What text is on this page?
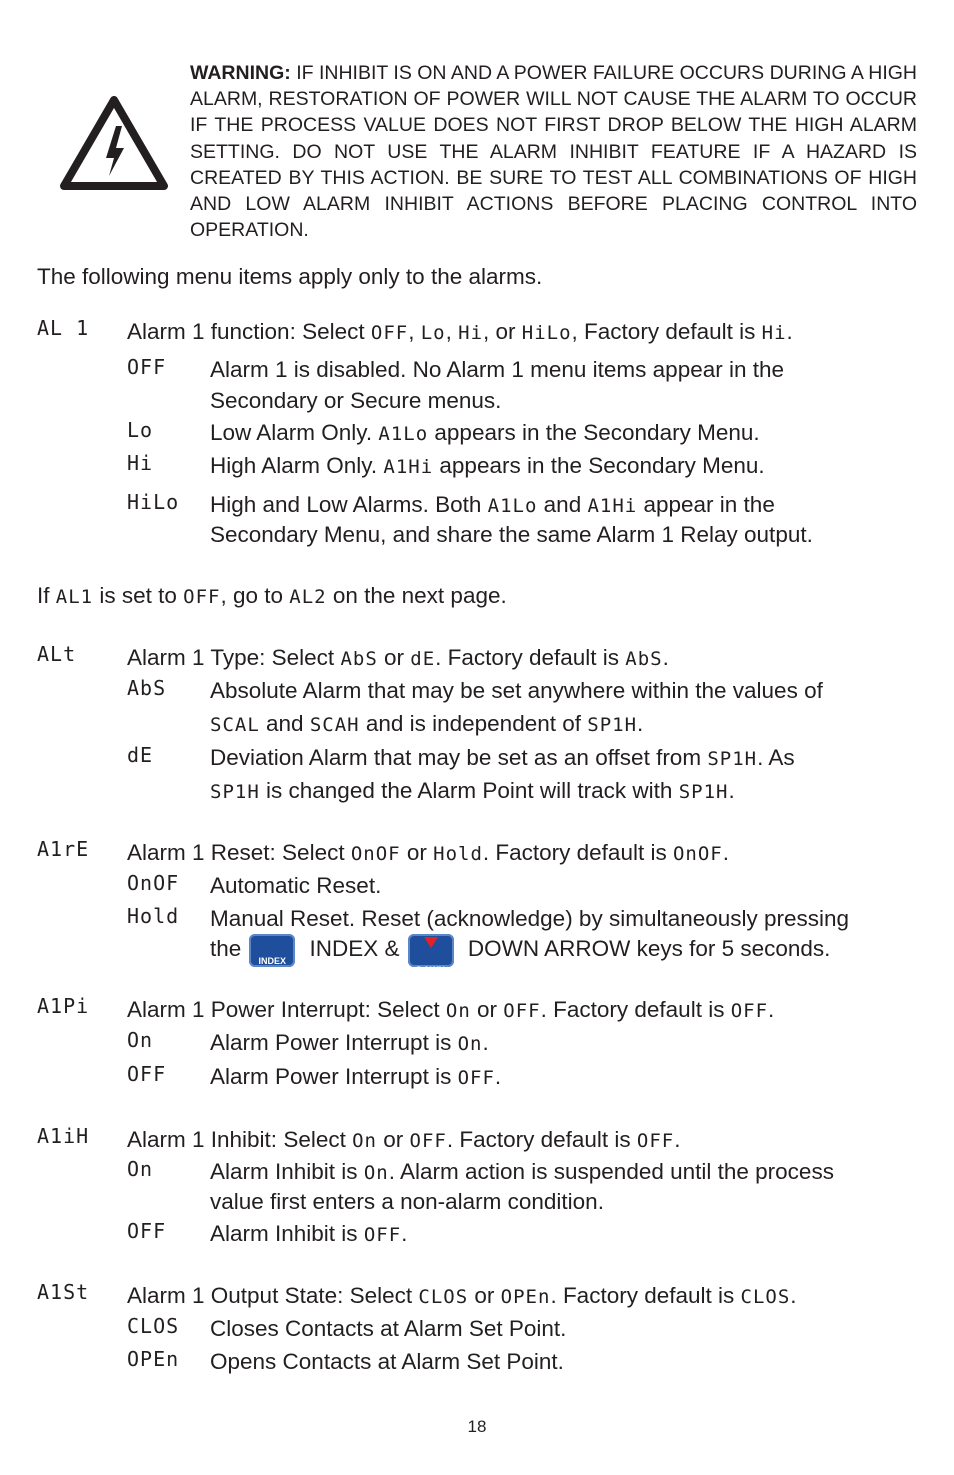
WARNING: IF INHIBIT IS ON AND A POWER FAILURE OCCURS DURING A HIGH ALARM, RESTORATION OF POWER WILL NOT CAUSE THE ALARM TO OCCUR IF THE PROCESS VALUE DOES NOT FIRST DROP BELOW THE HIGH ALARM SETTING. DO NOT USE THE ALARM INHIBIT FEATURE IF A HAZARD IS CREATED BY THIS ACTION. BE SURE TO TEST ALL COMBINATIONS OF HIGH AND LOW ALARM INHIBIT ACTIONS BEFORE PLACING CONTROL INTO OPERATION.
The following menu items apply only to the alarms.
AL 1 Alarm 1 function: Select OFF, Lo, Hi, or HiLo, Factory default is Hi.
OFF Alarm 1 is disabled. No Alarm 1 menu items appear in the
Secondary or Secure menus.
Lo	Low Alarm Only. A1Lo appears in the Secondary Menu.
Hi	High Alarm Only. A1Hi appears in the Secondary Menu.
HiLo High and Low Alarms. Both A1Lo and A1Hi appear in the
Secondary Menu, and share the same Alarm 1 Relay output.
If AL1 is set to OFF, go to AL2 on the next page.
ALt Alarm 1 Type: Select AbS or dE. Factory default is AbS.
AbS Absolute Alarm that may be set anywhere within the values of
SCAL and SCAH and is independent of SP1H.
dE	Deviation Alarm that may be set as an offset from SP1H. As
SP1H is changed the Alarm Point will track with SP1H.
A1rE Alarm 1 Reset: Select OnOF or Hold. Factory default is OnOF.
OnOF Automatic Reset.
Hold Manual Reset. Reset (acknowledge) by simultaneously pressing
the	INDEX	INDEX &
DOWN
DOWN ARROW keys for 5 seconds.
A1Pi Alarm 1 Power Interrupt: Select On or OFF. Factory default is OFF.
On	Alarm Power Interrupt is On.
OFF Alarm Power Interrupt is OFF.
A1iH Alarm 1 Inhibit: Select On or OFF. Factory default is OFF.
On	Alarm Inhibit is On. Alarm action is suspended until the process
value first enters a non-alarm condition.
OFF Alarm Inhibit is OFF.
A1St Alarm 1 Output State: Select CLOS or OPEn. Factory default is CLOS.
CLOS Closes Contacts at Alarm Set Point.
OPEn Opens Contacts at Alarm Set Point.
18
